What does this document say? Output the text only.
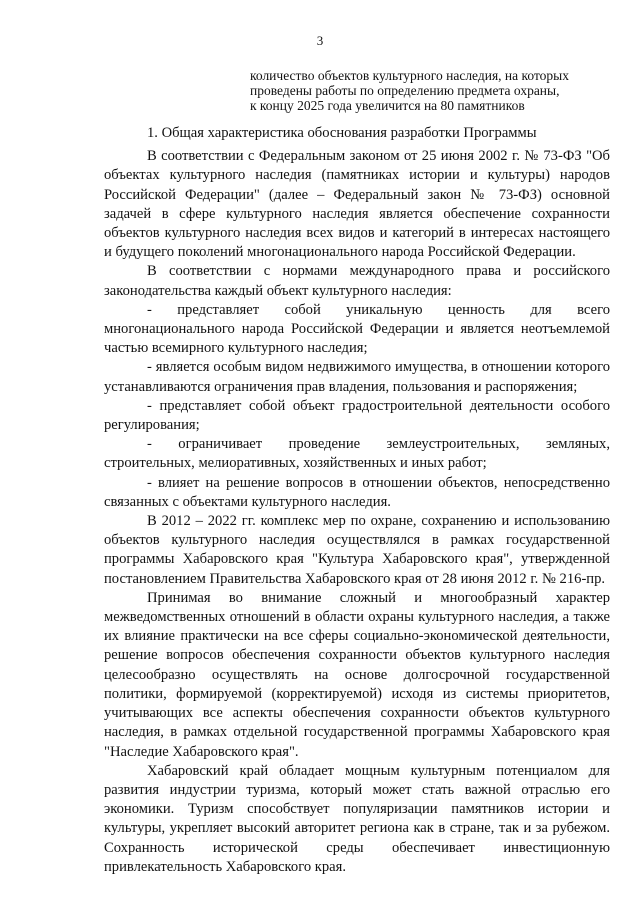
3
количество объектов культурного наследия, на которых
проведены работы по определению предмета охраны,
к концу 2025 года увеличится на 80 памятников

1. Общая характеристика обоснования разработки Программы

В соответствии с Федеральным законом от 25 июня 2002 г. № 73-ФЗ "Об объектах культурного наследия (памятниках истории и культуры) народов Российской Федерации" (далее – Федеральный закон № 73-ФЗ) основной задачей в сфере культурного наследия является обеспечение сохранности объектов культурного наследия всех видов и категорий в интересах настоящего и будущего поколений многонационального народа Российской Федерации.

В соответствии с нормами международного права и российского законодательства каждый объект культурного наследия:

- представляет собой уникальную ценность для всего многонационального народа Российской Федерации и является неотъемлемой частью всемирного культурного наследия;

- является особым видом недвижимого имущества, в отношении которого устанавливаются ограничения прав владения, пользования и распоряжения;

- представляет собой объект градостроительной деятельности особого регулирования;

- ограничивает проведение землеустроительных, земляных, строительных, мелиоративных, хозяйственных и иных работ;

- влияет на решение вопросов в отношении объектов, непосредственно связанных с объектами культурного наследия.

В 2012 – 2022 гг. комплекс мер по охране, сохранению и использованию объектов культурного наследия осуществлялся в рамках государственной программы Хабаровского края "Культура Хабаровского края", утвержденной постановлением Правительства Хабаровского края от 28 июня 2012 г. № 216-пр.

Принимая во внимание сложный и многообразный характер межведомственных отношений в области охраны культурного наследия, а также их влияние практически на все сферы социально-экономической деятельности, решение вопросов обеспечения сохранности объектов культурного наследия целесообразно осуществлять на основе долгосрочной государственной политики, формируемой (корректируемой) исходя из системы приоритетов, учитывающих все аспекты обеспечения сохранности объектов культурного наследия, в рамках отдельной государственной программы Хабаровского края "Наследие Хабаровского края".

Хабаровский край обладает мощным культурным потенциалом для развития индустрии туризма, который может стать важной отраслью его экономики. Туризм способствует популяризации памятников истории и культуры, укрепляет высокий авторитет региона как в стране, так и за рубежом. Сохранность исторической среды обеспечивает инвестиционную привлекательность Хабаровского края.
